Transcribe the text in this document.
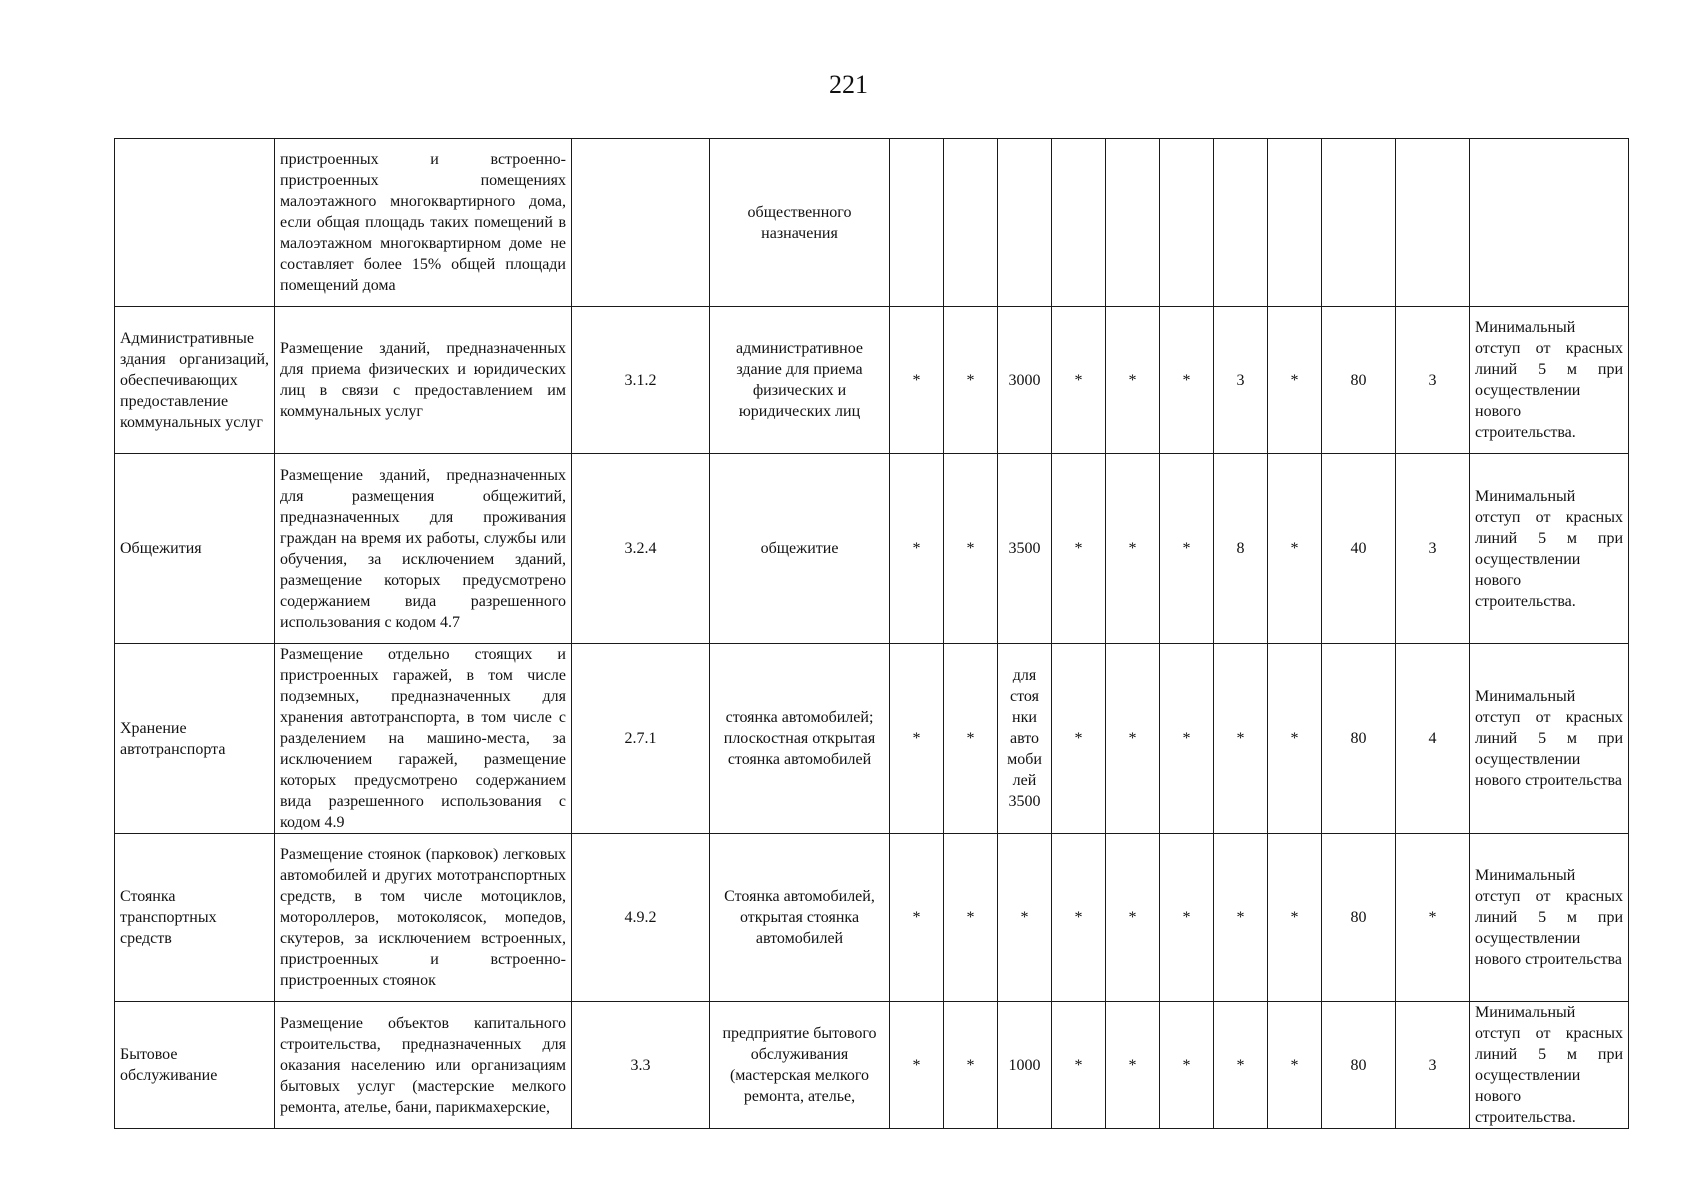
221
	пристроенных и встроенно-пристроенных помещениях малоэтажного многоквартирного дома, если общая площадь таких помещений в малоэтажном многоквартирном доме не составляет более 15% общей площади помещений дома		общественного назначения											
Административные здания организаций, обеспечивающих предоставление коммунальных услуг	Размещение зданий, предназначенных для приема физических и юридических лиц в связи с предоставлением им коммунальных услуг	3.1.2	административное здание для приема физических и юридических лиц	*	*	3000	*	*	*	3	*	80	3	Минимальный отступ от красных линий 5 м при осуществлении нового строительства.
Общежития	Размещение зданий, предназначенных для размещения общежитий, предназначенных для проживания граждан на время их работы, службы или обучения, за исключением зданий, размещение которых предусмотрено содержанием вида разрешенного использования с кодом 4.7	3.2.4	общежитие	*	*	3500	*	*	*	8	*	40	3	Минимальный отступ от красных линий 5 м при осуществлении нового строительства.
Хранение автотранспорта	Размещение отдельно стоящих и пристроенных гаражей, в том числе подземных, предназначенных для хранения автотранспорта, в том числе с разделением на машино-места, за исключением гаражей, размещение которых предусмотрено содержанием вида разрешенного использования с кодом 4.9	2.7.1	стоянка автомобилей; плоскостная открытая стоянка автомобилей	*	*	для стоя нки авто моби лей 3500	*	*	*	*	*	80	4	Минимальный отступ от красных линий 5 м при осуществлении нового строительства
Стоянка транспортных средств	Размещение стоянок (парковок) легковых автомобилей и других мототранспортных средств, в том числе мотоциклов, мотороллеров, мотоколясок, мопедов, скутеров, за исключением встроенных, пристроенных и встроенно-пристроенных стоянок	4.9.2	Стоянка автомобилей, открытая стоянка автомобилей	*	*	*	*	*	*	*	*	80	*	Минимальный отступ от красных линий 5 м при осуществлении нового строительства
Бытовое обслуживание	Размещение объектов капитального строительства, предназначенных для оказания населению или организациям бытовых услуг (мастерские мелкого ремонта, ателье, бани, парикмахерские,	3.3	предприятие бытового обслуживания (мастерская мелкого ремонта, ателье,	*	*	1000	*	*	*	*	*	80	3	Минимальный отступ от красных линий 5 м при осуществлении нового строительства.
